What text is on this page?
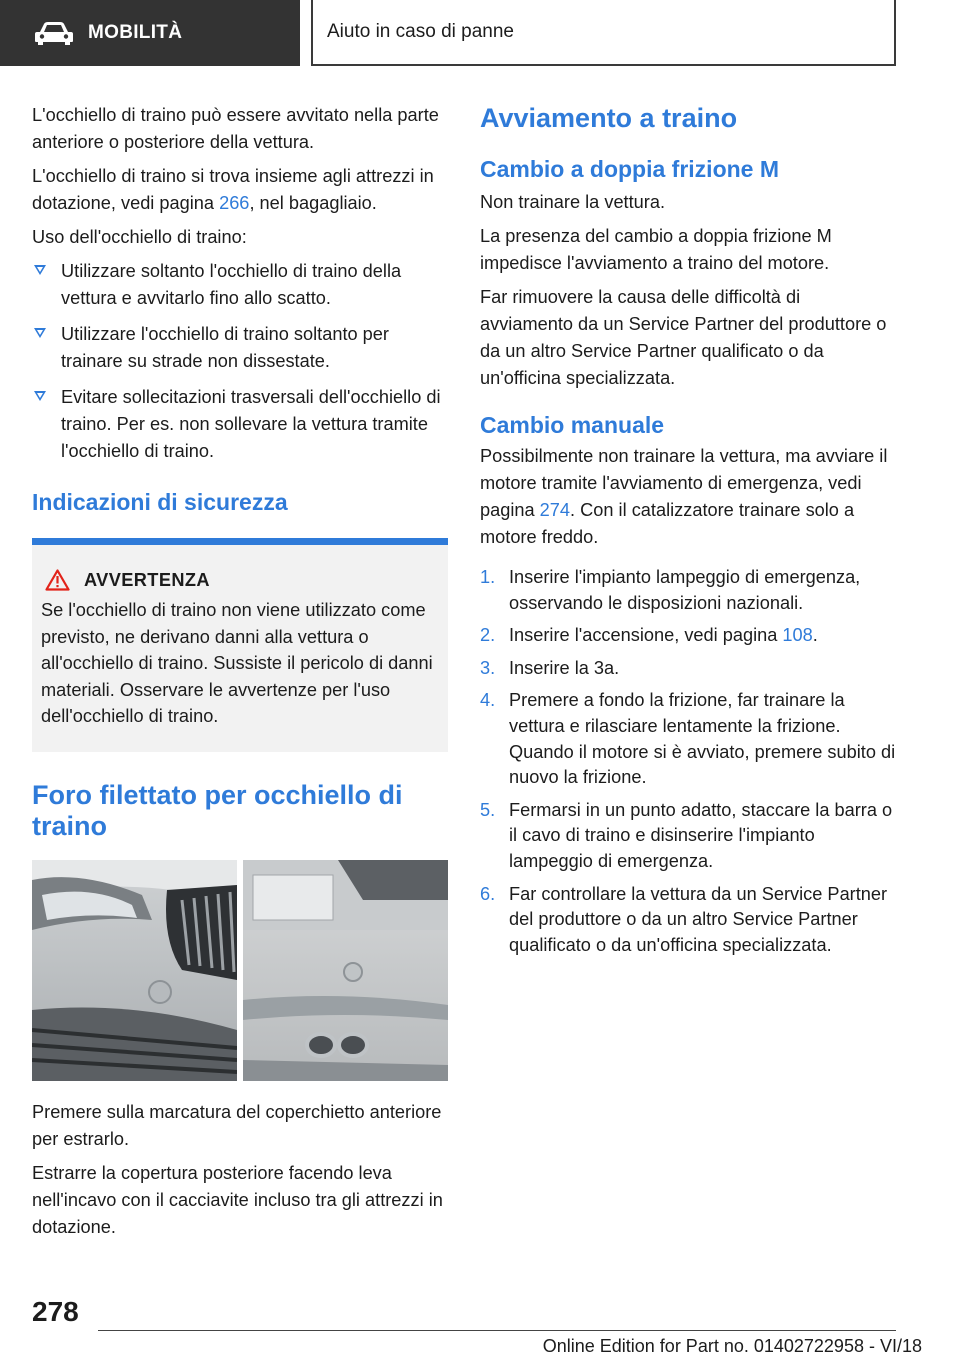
MOBILITÀ	Aiuto in caso di panne

L'occhiello di traino può essere avvitato nella parte anteriore o posteriore della vettura.

L'occhiello di traino si trova insieme agli attrezzi in dotazione, vedi pagina 266, nel bagagliaio.

Uso dell'occhiello di traino:

Utilizzare soltanto l'occhiello di traino della vettura e avvitarlo fino allo scatto.
Utilizzare l'occhiello di traino soltanto per trainare su strade non dissestate.
Evitare sollecitazioni trasversali dell'occhiello di traino. Per es. non sollevare la vettura tramite l'occhiello di traino.
Indicazioni di sicurezza
AVVERTENZA

Se l'occhiello di traino non viene utilizzato come previsto, ne derivano danni alla vettura o all'occhiello di traino. Sussiste il pericolo di danni materiali. Osservare le avvertenze per l'uso dell'occhiello di traino.

Foro filettato per occhiello di traino

Premere sulla marcatura del coperchietto anteriore per estrarlo.

Estrarre la copertura posteriore facendo leva nell'incavo con il cacciavite incluso tra gli attrezzi in dotazione.

Avviamento a traino
Cambio a doppia frizione M

Non trainare la vettura.

La presenza del cambio a doppia frizione M impedisce l'avviamento a traino del motore.

Far rimuovere la causa delle difficoltà di avviamento da un Service Partner del produttore o da un altro Service Partner qualificato o da un'officina specializzata.

Cambio manuale

Possibilmente non trainare la vettura, ma avviare il motore tramite l'avviamento di emergenza, vedi pagina 274. Con il catalizzatore trainare solo a motore freddo.

1. Inserire l'impianto lampeggio di emergenza, osservando le disposizioni nazionali.
2. Inserire l'accensione, vedi pagina 108.
3. Inserire la 3a.
4. Premere a fondo la frizione, far trainare la vettura e rilasciare lentamente la frizione. Quando il motore si è avviato, premere subito di nuovo la frizione.
5. Fermarsi in un punto adatto, staccare la barra o il cavo di traino e disinserire l'impianto lampeggio di emergenza.
6. Far controllare la vettura da un Service Partner del produttore o da un altro Service Partner qualificato o da un'officina specializzata.
278
Online Edition for Part no. 01402722958 - VI/18
